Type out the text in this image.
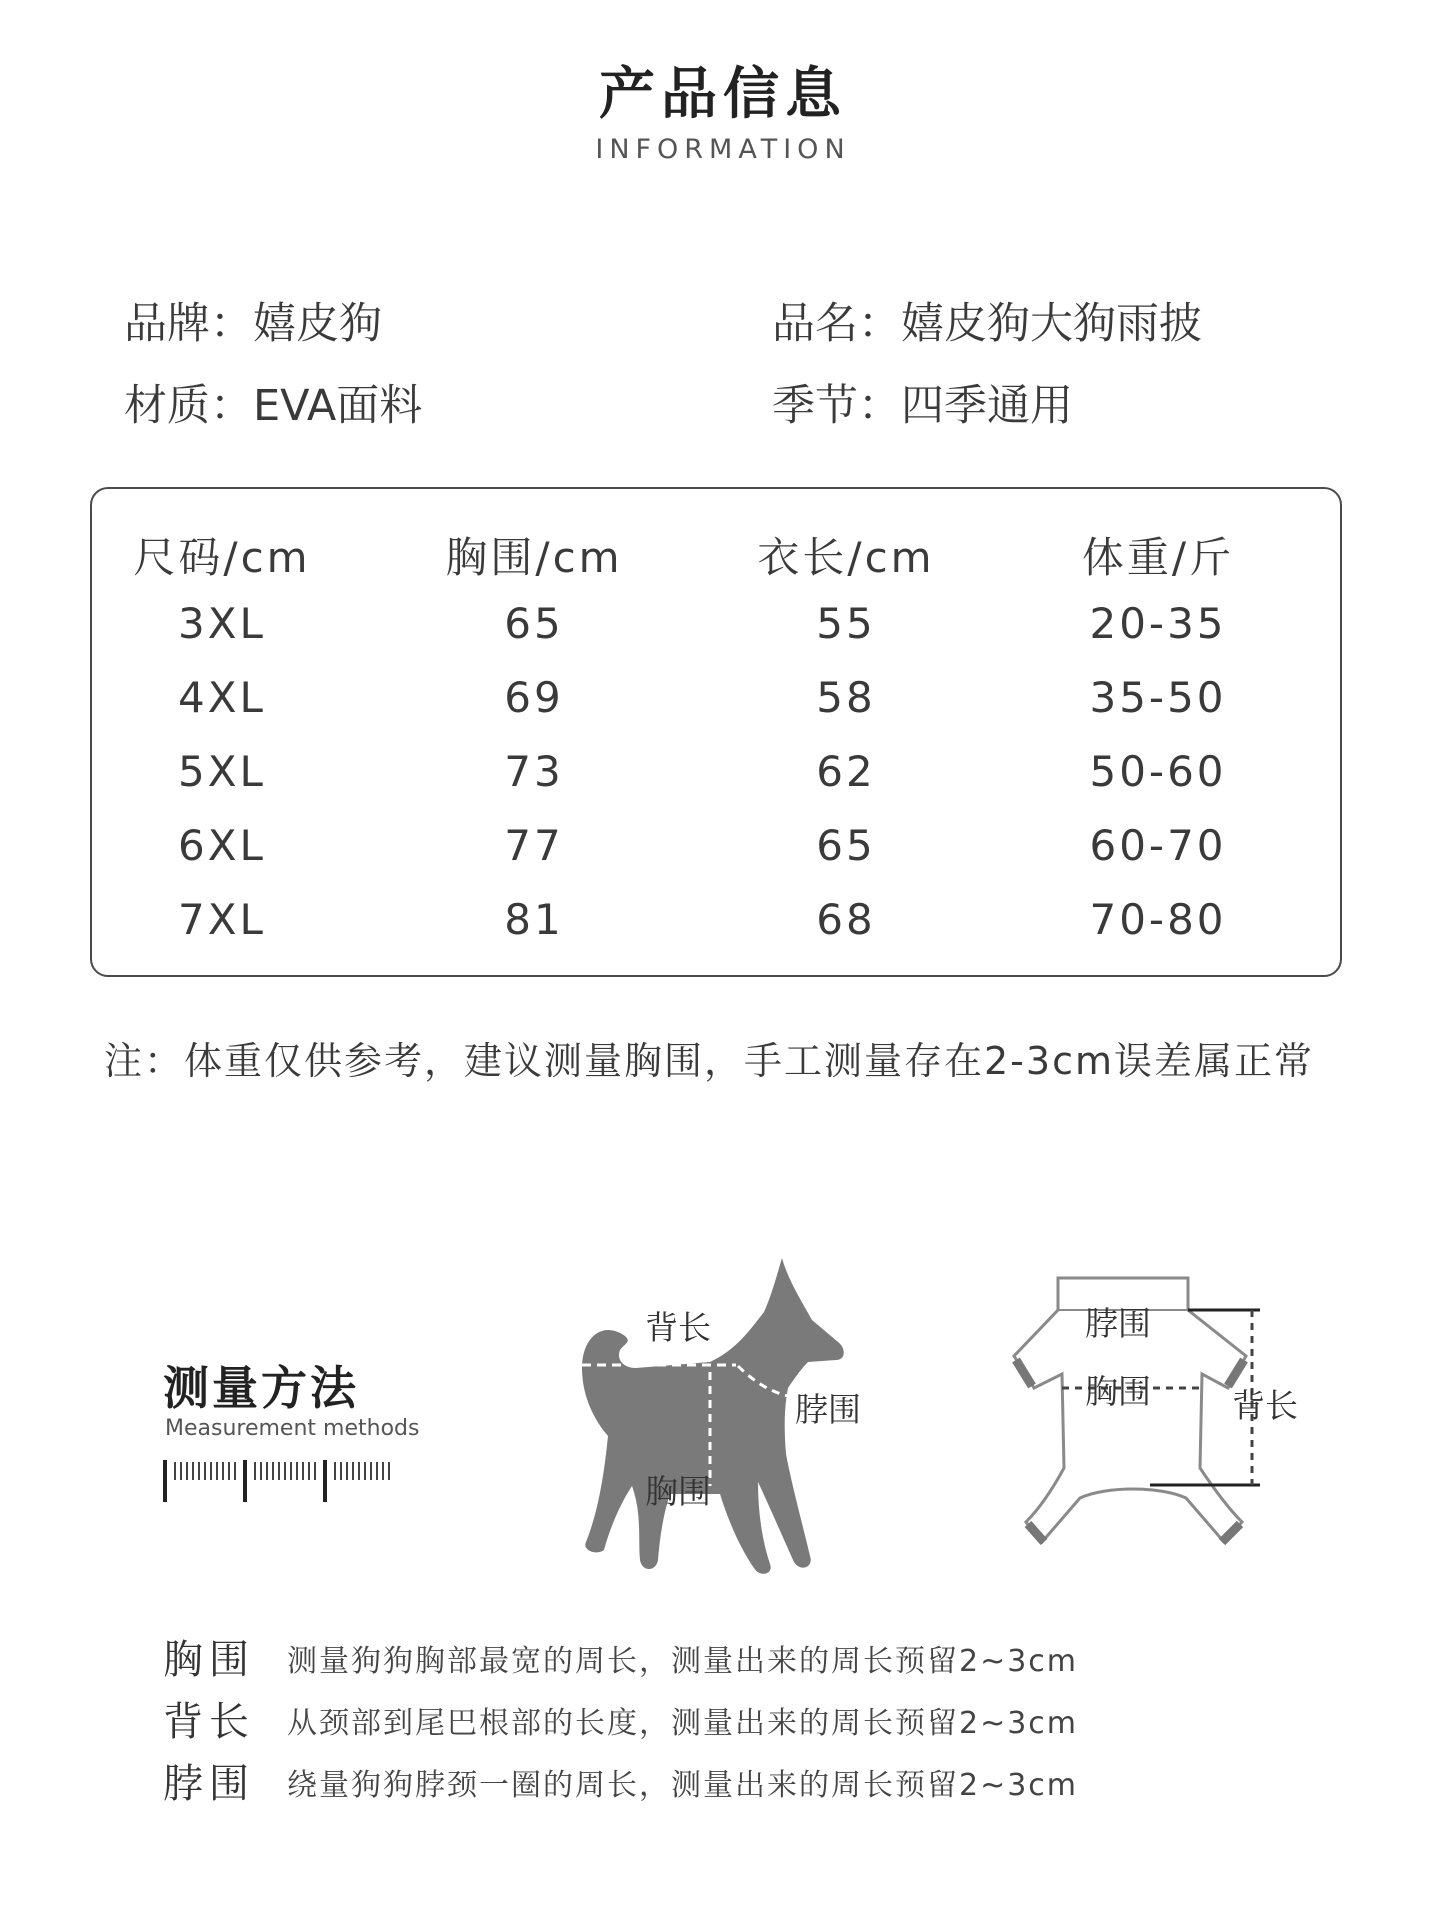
产品信息
INFORMATION
品牌：嬉皮狗	品名：嬉皮狗大狗雨披
材质：EVA面料	季节：四季通用
尺码/cm	胸围/cm	衣长/cm	体重/斤
3XL	65	55	20-35
4XL	69	58	35-50
5XL	73	62	50-60
6XL	77	65	60-70
7XL	81	68	70-80
注：体重仅供参考，建议测量胸围，手工测量存在2-3cm误差属正常
测量方法
Measurement methods
背长
脖围
胸围
脖围
胸围 背长
胸围 测量狗狗胸部最宽的周长，测量出来的周长预留2~3cm
背长 从颈部到尾巴根部的长度，测量出来的周长预留2~3cm
脖围 绕量狗狗脖颈一圈的周长，测量出来的周长预留2~3cm
